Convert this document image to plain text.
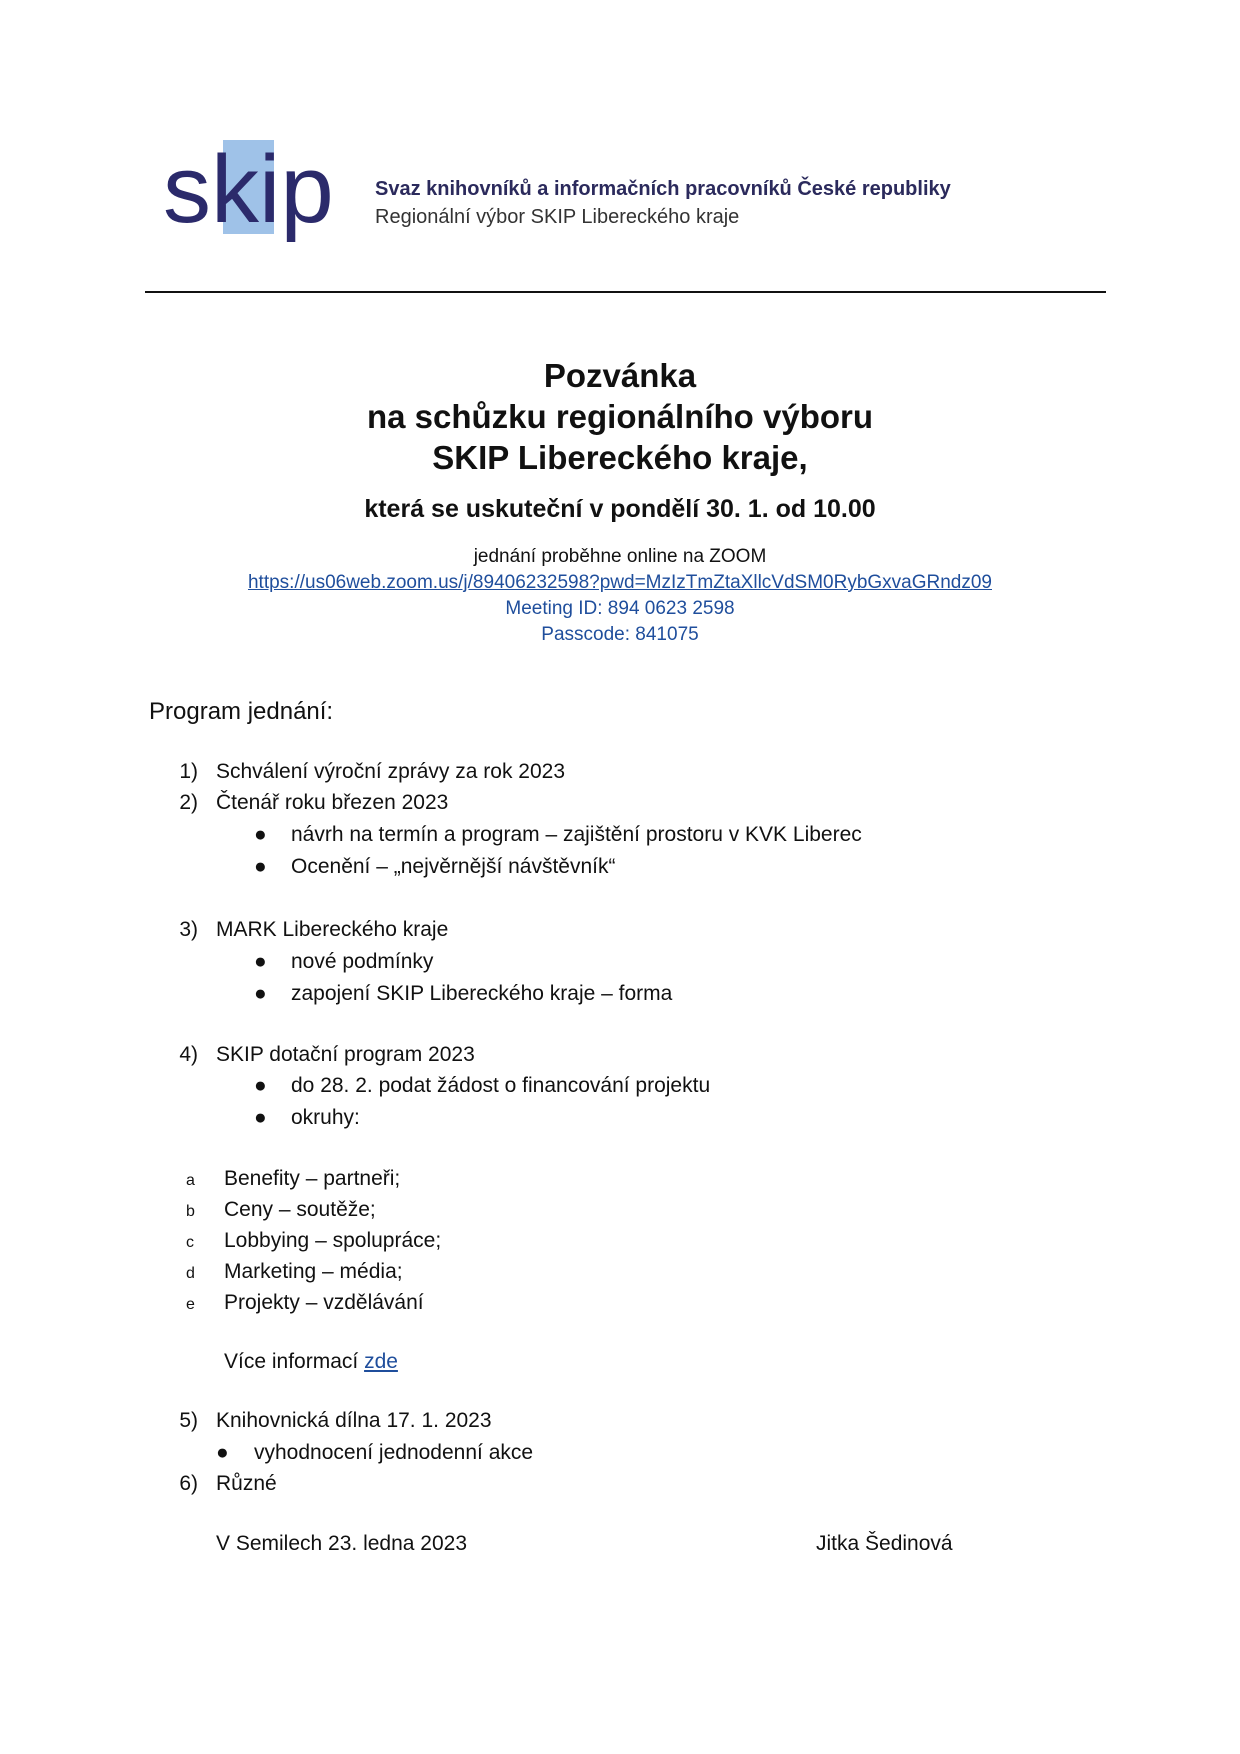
skip Svaz knihovníků a informačních pracovníků České republiky
Regionální výbor SKIP Libereckého kraje
Pozvánka
na schůzku regionálního výboru
SKIP Libereckého kraje,
která se uskuteční v pondělí 30. 1. od 10.00
jednání proběhne online na ZOOM
https://us06web.zoom.us/j/89406232598?pwd=MzIzTmZtaXllcVdSM0RybGxvaGRndz09
Meeting ID: 894 0623 2598
Passcode: 841075
Program jednání:
1) Schválení výroční zprávy za rok 2023
2) Čtenář roku březen 2023
● návrh na termín a program – zajištění prostoru v KVK Liberec
● Ocenění – „nejvěrnější návštěvník“
3) MARK Libereckého kraje
● nové podmínky
● zapojení SKIP Libereckého kraje – forma
4) SKIP dotační program 2023
● do 28. 2. podat žádost o financování projektu
● okruhy:
a Benefity – partneři;
b Ceny – soutěže;
c Lobbying – spolupráce;
d Marketing – média;
e Projekty – vzdělávání
Více informací zde
5) Knihovnická dílna 17. 1. 2023
● vyhodnocení jednodenní akce
6) Různé
V Semilech 23. ledna 2023	Jitka Šedinová
